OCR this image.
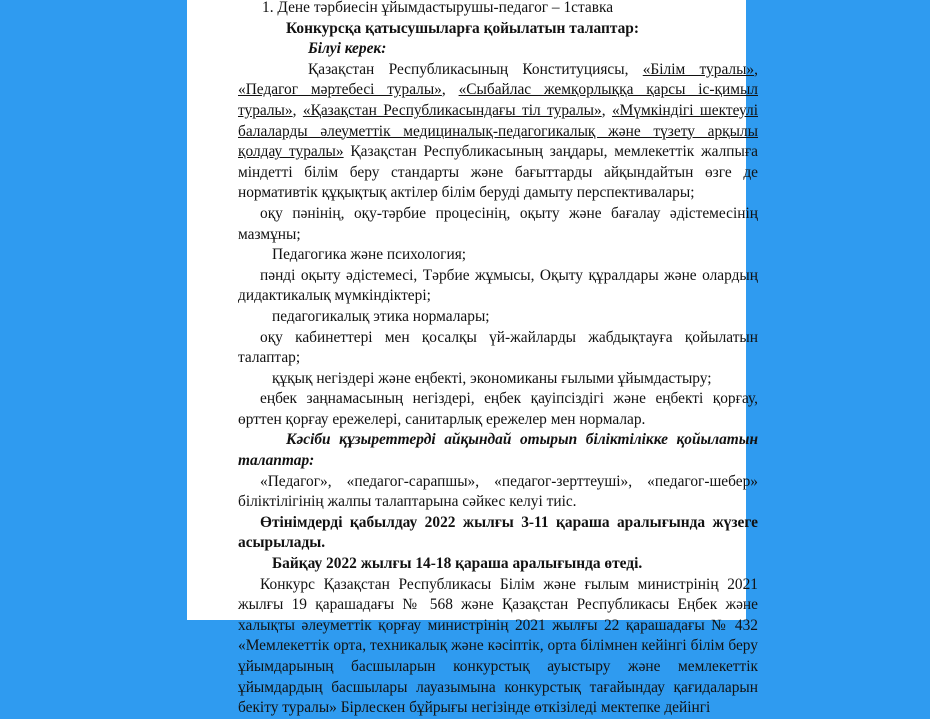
1. Дене тәрбиесін ұйымдастырушы-педагог – 1ставка

Конкурсқа қатысушыларға қойылатын талаптар:

Білуі керек:

Қазақстан Республикасының Конституциясы, «Білім туралы», «Педагог мәртебесі туралы», «Сыбайлас жемқорлыққа қарсы іс-қимыл туралы», «Қазақстан Республикасындағы тіл туралы», «Мүмкіндігі шектеулі балаларды әлеуметтік медициналық-педагогикалық және түзету арқылы қолдау туралы» Қазақстан Республикасының заңдары, мемлекеттік жалпыға міндетті білім беру стандарты және бағыттарды айқындайтын өзге де нормативтік құқықтық актілер білім беруді дамыту перспективалары;

оқу пәнінің, оқу-тәрбие процесінің, оқыту және бағалау әдістемесінің мазмұны;

Педагогика және психология;

пәнді оқыту әдістемесі, Тәрбие жұмысы, Оқыту құралдары және олардың дидактикалық мүмкіндіктері;

педагогикалық этика нормалары;

оқу кабинеттері мен қосалқы үй-жайларды жабдықтауға қойылатын талаптар;

құқық негіздері және еңбекті, экономиканы ғылыми ұйымдастыру;

еңбек заңнамасының негіздері, еңбек қауіпсіздігі және еңбекті қорғау, өрттен қорғау ережелері, санитарлық ережелер мен нормалар.

Кәсіби құзыреттерді айқындай отырып біліктілікке қойылатын талаптар:

«Педагог», «педагог-сарапшы», «педагог-зерттеуші», «педагог-шебер» біліктілігінің жалпы талаптарына сәйкес келуі тиіс.

Өтінімдерді қабылдау 2022 жылғы 3-11 қараша аралығында жүзеге асырылады.

Байқау 2022 жылғы 14-18 қараша аралығында өтеді.

Конкурс Қазақстан Республикасы Білім және ғылым министрінің 2021 жылғы 19 қарашадағы № 568 және Қазақстан Республикасы Еңбек және халықты әлеуметтік қорғау министрінің 2021 жылғы 22 қарашадағы № 432 «Мемлекеттік орта, техникалық және кәсіптік, орта білімнен кейінгі білім беру ұйымдарының басшыларын конкурстық ауыстыру және мемлекеттік ұйымдардың басшылары лауазымына конкурстық тағайындау қағидаларын бекіту туралы» Бірлескен бұйрығы негізінде өткізіледі мектепке дейінгі
